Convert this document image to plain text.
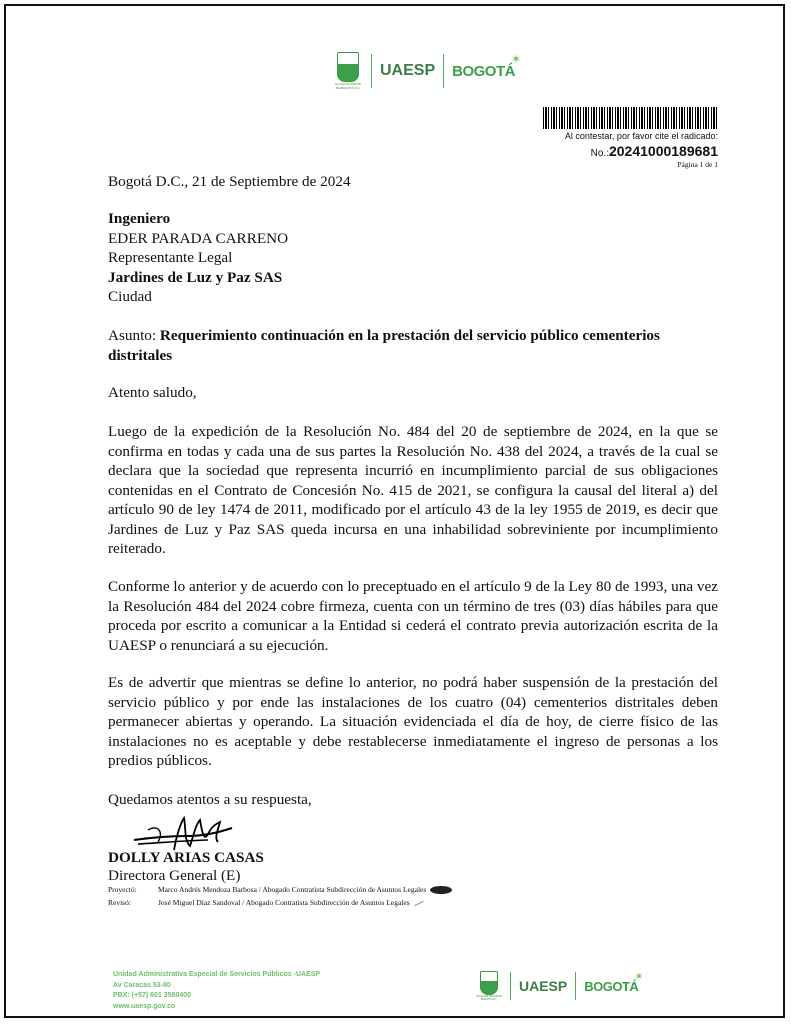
ALCALDÍA MAYOR DE BOGOTÁ D.C.
UAESP BOGOTÁ
✶
Al contestar, por favor cite el radicado:
No.:20241000189681
Página 1 de 1
Bogotá D.C., 21 de Septiembre de 2024
Ingeniero
EDER PARADA CARRENO
Representante Legal
Jardines de Luz y Paz SAS
Ciudad
Asunto: Requerimiento continuación en la prestación del servicio público cementerios distritales
Atento saludo,
Luego de la expedición de la Resolución No. 484 del 20 de septiembre de 2024, en la que se confirma en todas y cada una de sus partes la Resolución No. 438 del 2024, a través de la cual se declara que la sociedad que representa incurrió en incumplimiento parcial de sus obligaciones contenidas en el Contrato de Concesión No. 415 de 2021, se configura la causal del literal a) del artículo 90 de ley 1474 de 2011, modificado por el artículo 43 de la ley 1955 de 2019, es decir que Jardines de Luz y Paz SAS queda incursa en una inhabilidad sobreviniente por incumplimiento reiterado.
Conforme lo anterior y de acuerdo con lo preceptuado en el artículo 9 de la Ley 80 de 1993, una vez la Resolución 484 del 2024 cobre firmeza, cuenta con un término de tres (03) días hábiles para que proceda por escrito a comunicar a la Entidad si cederá el contrato previa autorización escrita de la UAESP o renunciará a su ejecución.
Es de advertir que mientras se define lo anterior, no podrá haber suspensión de la prestación del servicio público y por ende las instalaciones de los cuatro (04) cementerios distritales deben permanecer abiertas y operando. La situación evidenciada el día de hoy, de cierre físico de las instalaciones no es aceptable y debe restablecerse inmediatamente el ingreso de personas a los predios públicos.
Quedamos atentos a su respuesta,
DOLLY ARIAS CASAS
Directora General (E)
Proyectó:	Marco Andrés Mendoza Barbosa / Abogado Contratista Subdirección de Asuntos Legales
Revisó:	José Miguel Díaz Sandoval / Abogado Contratista Subdirección de Asuntos Legales
Unidad Administrativa Especial de Servicios Públicos -UAESP
Av Caracas 53-80
PBX: (+57) 601 3580400
www.uaesp.gov.co
ALCALDÍA MAYOR DE BOGOTÁ D.C.
UAESP BOGOTÁ
✶
